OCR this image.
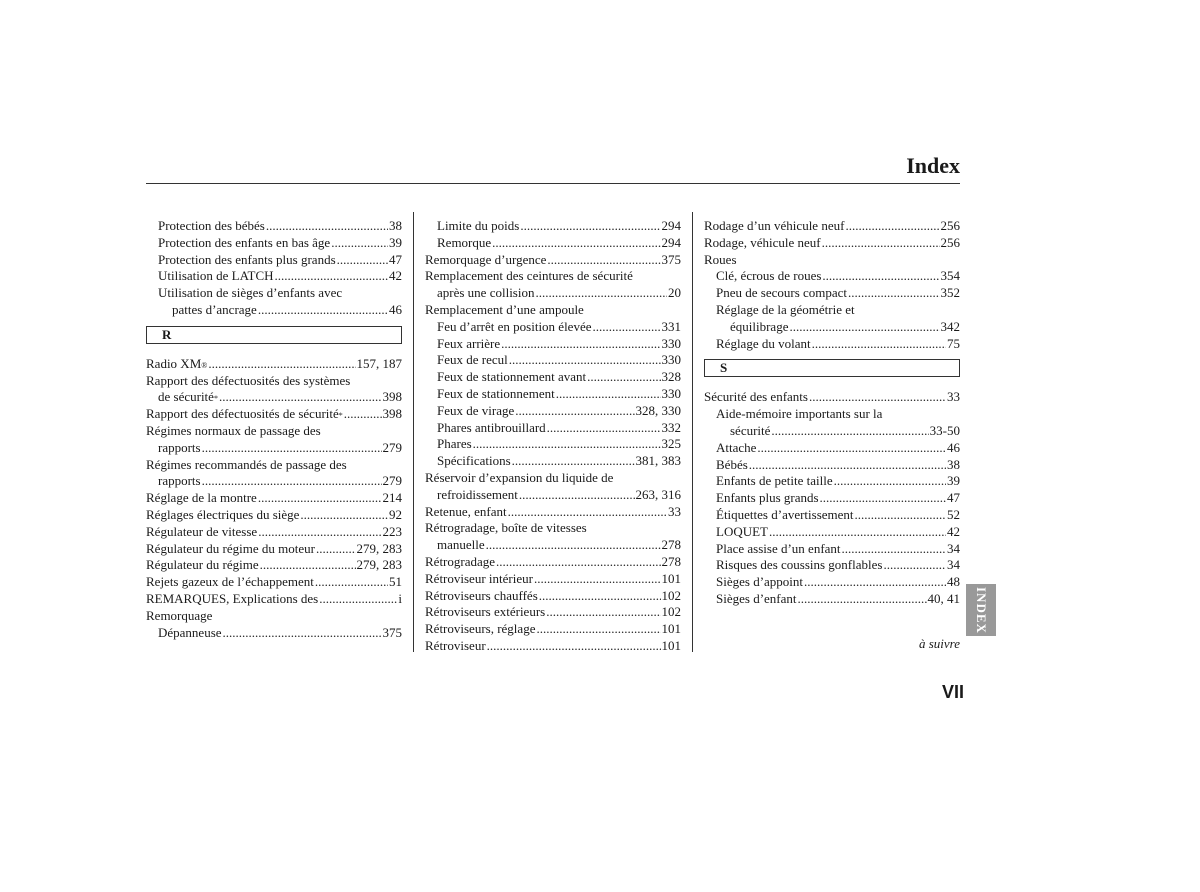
Index
Protection des bébés .....	38
Protection des enfants en bas âge .....	39
Protection des enfants plus grands .....	47
Utilisation de LATCH .....	42
Utilisation de sièges d’enfants avec
pattes d’ancrage .....	46
R
Radio XM ® .....	157, 187
Rapport des défectuosités des systèmes
de sécurité * .....	398
Rapport des défectuosités de sécurité * .....	398
Régimes normaux de passage des
rapports .....	279
Régimes recommandés de passage des
rapports .....	279
Réglage de la montre .....	214
Réglages électriques du siège .....	92
Régulateur de vitesse .....	223
Régulateur du régime du moteur .....	279, 283
Régulateur du régime .....	279, 283
Rejets gazeux de l’échappement .....	51
REMARQUES, Explications des .....	i
Remorquage
Dépanneuse .....	375
Limite du poids .....	294
Remorque .....	294
Remorquage d’urgence .....	375
Remplacement des ceintures de sécurité
après une collision .....	20
Remplacement d’une ampoule
Feu d’arrêt en position élevée .....	331
Feux arrière .....	330
Feux de recul .....	330
Feux de stationnement avant .....	328
Feux de stationnement .....	330
Feux de virage .....	328, 330
Phares antibrouillard .....	332
Phares .....	325
Spécifications .....	381, 383
Réservoir d’expansion du liquide de
refroidissement .....	263, 316
Retenue, enfant .....	33
Rétrogradage, boîte de vitesses
manuelle .....	278
Rétrogradage .....	278
Rétroviseur intérieur .....	101
Rétroviseurs chauffés .....	102
Rétroviseurs extérieurs .....	102
Rétroviseurs, réglage .....	101
Rétroviseur .....	101
Rodage d’un véhicule neuf .....	256
Rodage, véhicule neuf .....	256
Roues
Clé, écrous de roues .....	354
Pneu de secours compact .....	352
Réglage de la géométrie et
équilibrage .....	342
Réglage du volant .....	75
S
Sécurité des enfants .....	33
Aide-mémoire importants sur la
sécurité .....	33-50
Attache .....	46
Bébés .....	38
Enfants de petite taille .....	39
Enfants plus grands .....	47
Étiquettes d’avertissement .....	52
LOQUET .....	42
Place assise d’un enfant .....	34
Risques des coussins gonflables .....	34
Sièges d’appoint .....	48
Sièges d’enfant .....	40, 41
à suivre
INDEX
VII
